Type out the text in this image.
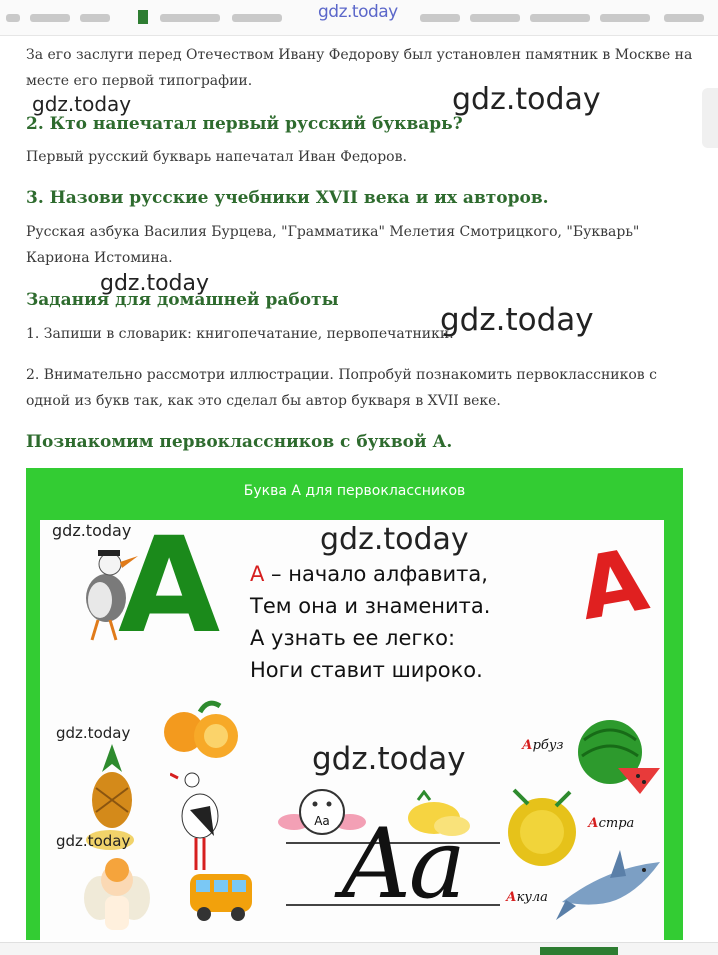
gdz.today
За его заслуги перед Отечеством Ивану Федорову был установлен памятник в Москве на
месте его первой типографии.
2. Кто напечатал первый русский букварь?
Первый русский букварь напечатал Иван Федоров.
3. Назови русские учебники XVII века и их авторов.
Русская азбука Василия Бурцева, "Грамматика" Мелетия Смотрицкого, "Букварь"
Кариона Истомина.
Задания для домашней работы
1. Запиши в словарик: книгопечатание, первопечатники.
2. Внимательно рассмотри иллюстрации. Попробуй познакомить первоклассников с
одной из букв так, как это сделал бы автор букваря в XVII веке.
Познакомим первоклассников с буквой А.
Буква А для первоклассников
А А – начало алфавита,
Тем она и знаменита.
А узнать ее легко:
Ноги ставит широко.
А
Аа
Арбуз
Астра
Акула
Аа
gdz.today	gdz.today
gdz.today
gdz.today
gdz.today	gdz.today
gdz.today
gdz.today
gdz.today
